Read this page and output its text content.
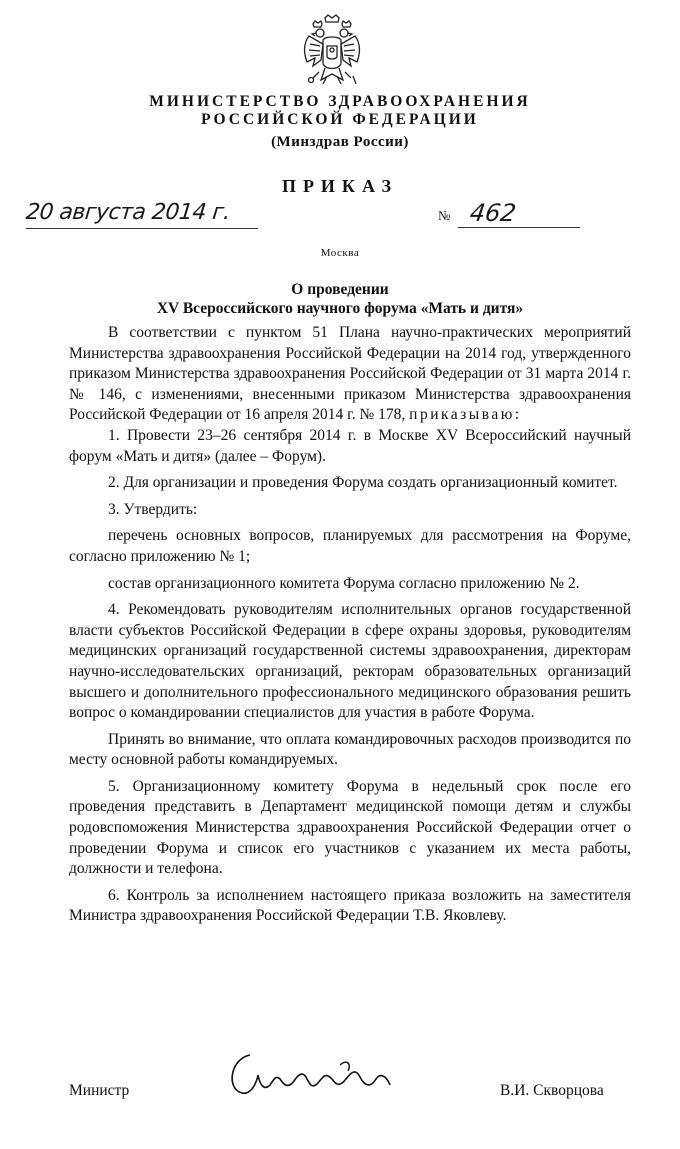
МИНИСТЕРСТВО ЗДРАВООХРАНЕНИЯ
РОССИЙСКОЙ ФЕДЕРАЦИИ
(Минздрав России)
ПРИКАЗ
20 августа 2014 г.	№ 462
Москва
О проведении
XV Всероссийского научного форума «Мать и дитя»

В соответствии с пунктом 51 Плана научно-практических мероприятий Министерства здравоохранения Российской Федерации на 2014 год, утвержденного приказом Министерства здравоохранения Российской Федерации от 31 марта 2014 г. № 146, с изменениями, внесенными приказом Министерства здравоохранения Российской Федерации от 16 апреля 2014 г. № 178, приказываю:

1. Провести 23–26 сентября 2014 г. в Москве XV Всероссийский научный форум «Мать и дитя» (далее – Форум).

2. Для организации и проведения Форума создать организационный комитет.

3. Утвердить:

перечень основных вопросов, планируемых для рассмотрения на Форуме, согласно приложению № 1;

состав организационного комитета Форума согласно приложению № 2.

4. Рекомендовать руководителям исполнительных органов государственной власти субъектов Российской Федерации в сфере охраны здоровья, руководителям медицинских организаций государственной системы здравоохранения, директорам научно-исследовательских организаций, ректорам образовательных организаций высшего и дополнительного профессионального медицинского образования решить вопрос о командировании специалистов для участия в работе Форума.

Принять во внимание, что оплата командировочных расходов производится по месту основной работы командируемых.

5. Организационному комитету Форума в недельный срок после его проведения представить в Департамент медицинской помощи детям и службы родовспоможения Министерства здравоохранения Российской Федерации отчет о проведении Форума и список его участников с указанием их места работы, должности и телефона.

6. Контроль за исполнением настоящего приказа возложить на заместителя Министра здравоохранения Российской Федерации Т.В. Яковлеву.

Министр	В.И. Скворцова
